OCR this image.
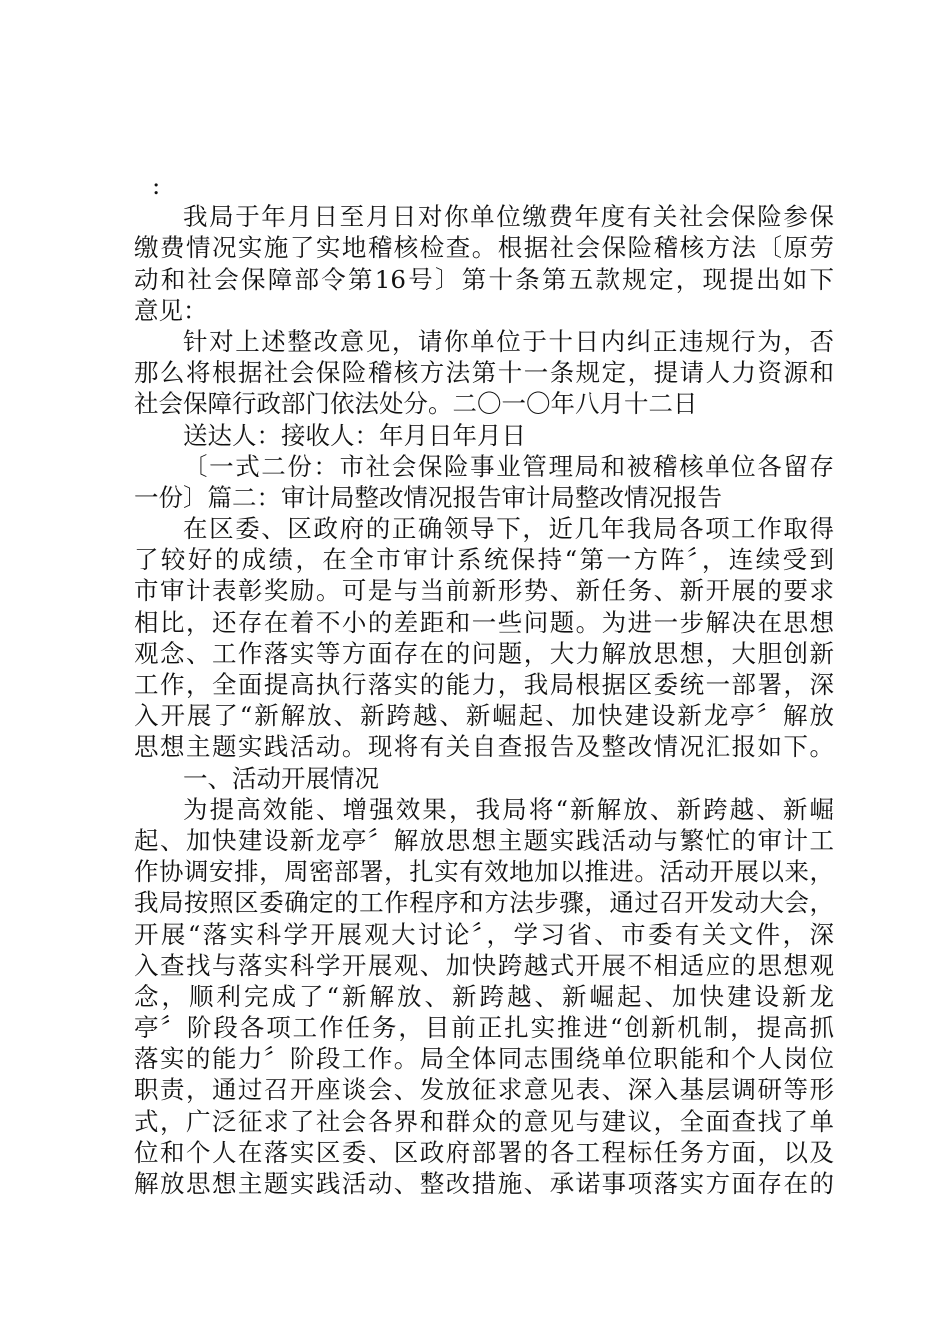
:
我局于年月日至月日对你单位缴费年度有关社会保险参保
缴费情况实施了实地稽核检查。根据社会保险稽核方法〔原劳
动和社会保障部令第16号〕第十条第五款规定，现提出如下
意见：
针对上述整改意见，请你单位于十日内纠正违规行为，否
那么将根据社会保险稽核方法第十一条规定，提请人力资源和
社会保障行政部门依法处分。二〇一〇年八月十二日
送达人：接收人：年月日年月日
〔一式二份：市社会保险事业管理局和被稽核单位各留存
一份〕篇二：审计局整改情况报告审计局整改情况报告
在区委、区政府的正确领导下，近几年我局各项工作取得
了较好的成绩，在全市审计系统保持“第一方阵〞，连续受到
市审计表彰奖励。可是与当前新形势、新任务、新开展的要求
相比，还存在着不小的差距和一些问题。为进一步解决在思想
观念、工作落实等方面存在的问题，大力解放思想，大胆创新
工作，全面提高执行落实的能力，我局根据区委统一部署，深
入开展了“新解放、新跨越、新崛起、加快建设新龙亭〞解放
思想主题实践活动。现将有关自查报告及整改情况汇报如下。
一、活动开展情况
为提高效能、增强效果，我局将“新解放、新跨越、新崛
起、加快建设新龙亭〞解放思想主题实践活动与繁忙的审计工
作协调安排，周密部署，扎实有效地加以推进。活动开展以来，
我局按照区委确定的工作程序和方法步骤，通过召开发动大会，
开展“落实科学开展观大讨论〞，学习省、市委有关文件，深
入查找与落实科学开展观、加快跨越式开展不相适应的思想观
念，顺利完成了“新解放、新跨越、新崛起、加快建设新龙
亭〞阶段各项工作任务，目前正扎实推进“创新机制，提高抓
落实的能力〞阶段工作。局全体同志围绕单位职能和个人岗位
职责，通过召开座谈会、发放征求意见表、深入基层调研等形
式，广泛征求了社会各界和群众的意见与建议，全面查找了单
位和个人在落实区委、区政府部署的各工程标任务方面，以及
解放思想主题实践活动、整改措施、承诺事项落实方面存在的
